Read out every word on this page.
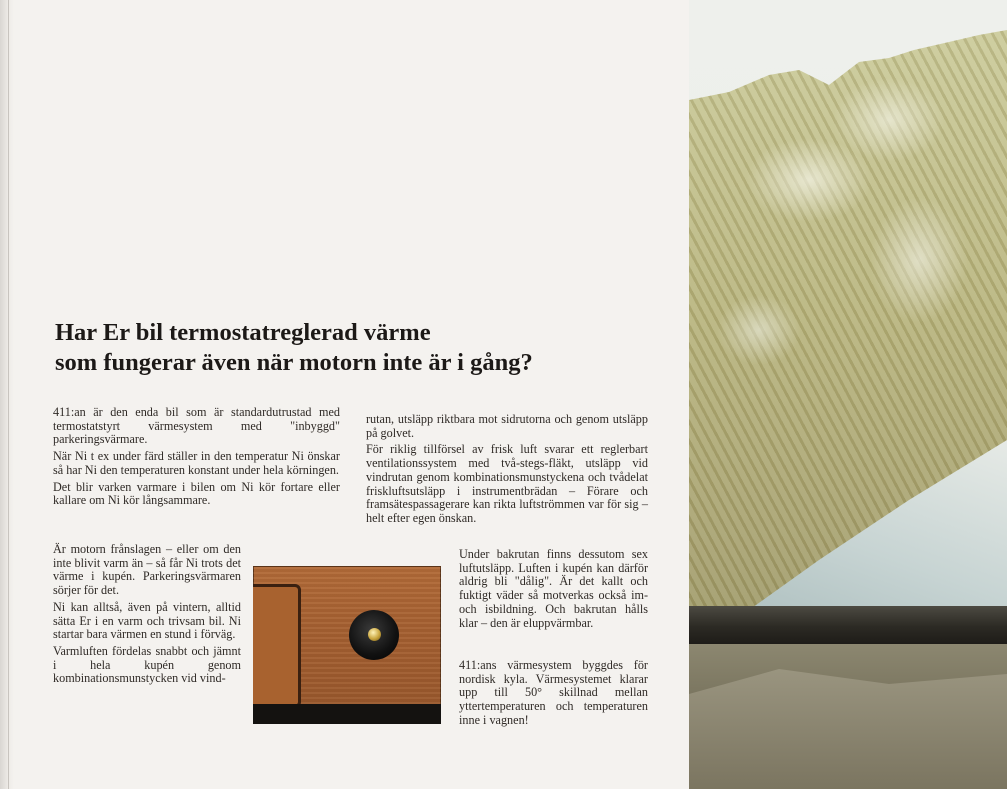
Har Er bil termostatreglerad värme
som fungerar även när motorn inte är i gång?

411:an är den enda bil som är standardutrustad med termostatstyrt värmesystem med "inbyggd" parkeringsvärmare.

När Ni t ex under färd ställer in den temperatur Ni önskar så har Ni den temperaturen konstant under hela körningen.

Det blir varken varmare i bilen om Ni kör fortare eller kallare om Ni kör långsammare.

Är motorn frånslagen – eller om den inte blivit varm än – så får Ni trots det värme i kupén. Parkeringsvärmaren sörjer för det.

Ni kan alltså, även på vintern, alltid sätta Er i en varm och trivsam bil. Ni startar bara värmen en stund i förväg.

Varmluften fördelas snabbt och jämnt i hela kupén genom kombinationsmunstycken vid vind-

rutan, utsläpp riktbara mot sidrutorna och genom utsläpp på golvet.

För riklig tillförsel av frisk luft svarar ett reglerbart ventilationssystem med två-stegs-fläkt, utsläpp vid vindrutan genom kombinationsmunstyckena och tvådelat friskluftsutsläpp i instrumentbrädan – Förare och framsätespassagerare kan rikta luftströmmen var för sig – helt efter egen önskan.

Under bakrutan finns dessutom sex luftutsläpp. Luften i kupén kan därför aldrig bli "dålig". Är det kallt och fuktigt väder så motverkas också im- och isbildning. Och bakrutan hålls klar – den är eluppvärmbar.

411:ans värmesystem byggdes för nordisk kyla. Värmesystemet klarar upp till 50° skillnad mellan yttertemperaturen och temperaturen inne i vagnen!
